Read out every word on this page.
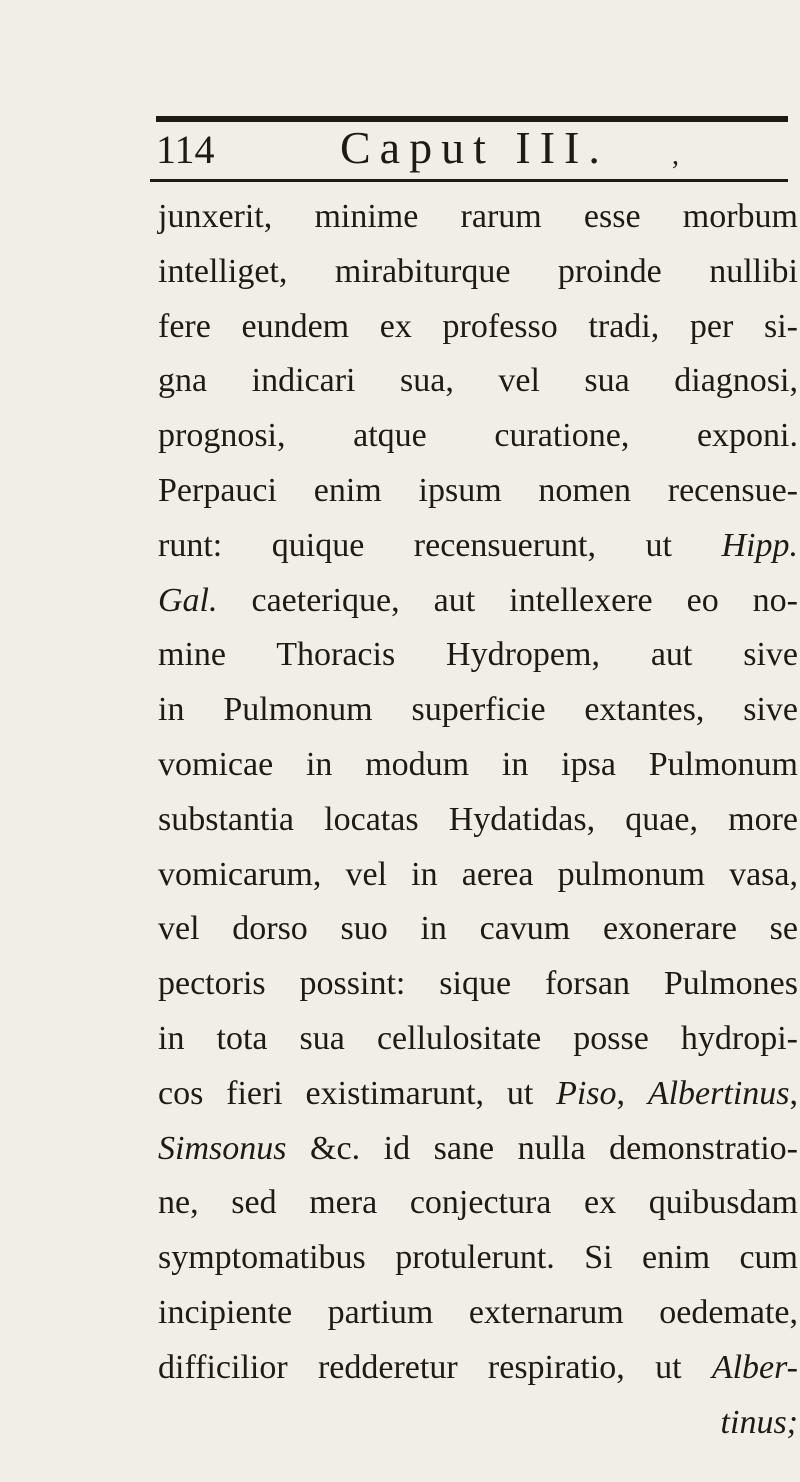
114	Caput III. ,
junxerit, minime rarum esse morbum
intelliget, mirabiturque proinde nullibi
fere eundem ex professo tradi, per si-
gna indicari sua, vel sua diagnosi,
prognosi, atque curatione, exponi.
Perpauci enim ipsum nomen recensue-
runt: quique recensuerunt, ut Hipp.
Gal. caeterique, aut intellexere eo no-
mine Thoracis Hydropem, aut sive
in Pulmonum superficie extantes, sive
vomicae in modum in ipsa Pulmonum
substantia locatas Hydatidas, quae, more
vomicarum, vel in aerea pulmonum vasa,
vel dorso suo in cavum exonerare se
pectoris possint: sique forsan Pulmones
in tota sua cellulositate posse hydropi-
cos fieri existimarunt, ut Piso, Albertinus,
Simsonus &c. id sane nulla demonstratio-
ne, sed mera conjectura ex quibusdam
symptomatibus protulerunt. Si enim cum
incipiente partium externarum oedemate,
difficilior redderetur respiratio, ut Alber-
tinus;
